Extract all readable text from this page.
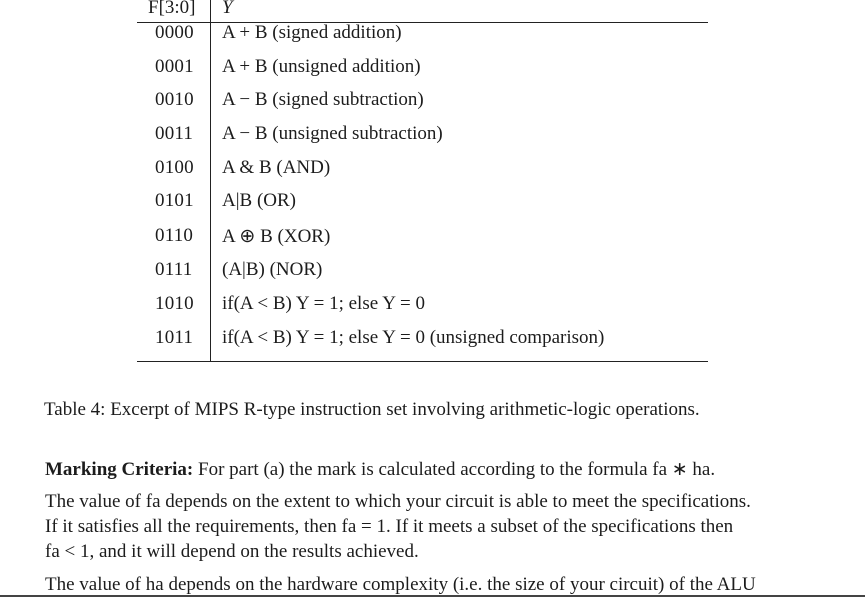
F[3:0] Y
0000 A + B (signed addition)
0001 A + B (unsigned addition)
0010 A − B (signed subtraction)
0011 A − B (unsigned subtraction)
0100 A & B (AND)
0101 A|B (OR)
0110 A ⊕ B (XOR)
0111 (A|B) (NOR)
1010 if(A < B) Y = 1; else Y = 0
1011 if(A < B) Y = 1; else Y = 0 (unsigned comparison)
Table 4: Excerpt of MIPS R-type instruction set involving arithmetic-logic operations.
Marking Criteria: For part (a) the mark is calculated according to the formula fa ∗ ha.
The value of fa depends on the extent to which your circuit is able to meet the specifications.
If it satisfies all the requirements, then fa = 1. If it meets a subset of the specifications then
fa < 1, and it will depend on the results achieved.
The value of ha depends on the hardware complexity (i.e. the size of your circuit) of the ALU
